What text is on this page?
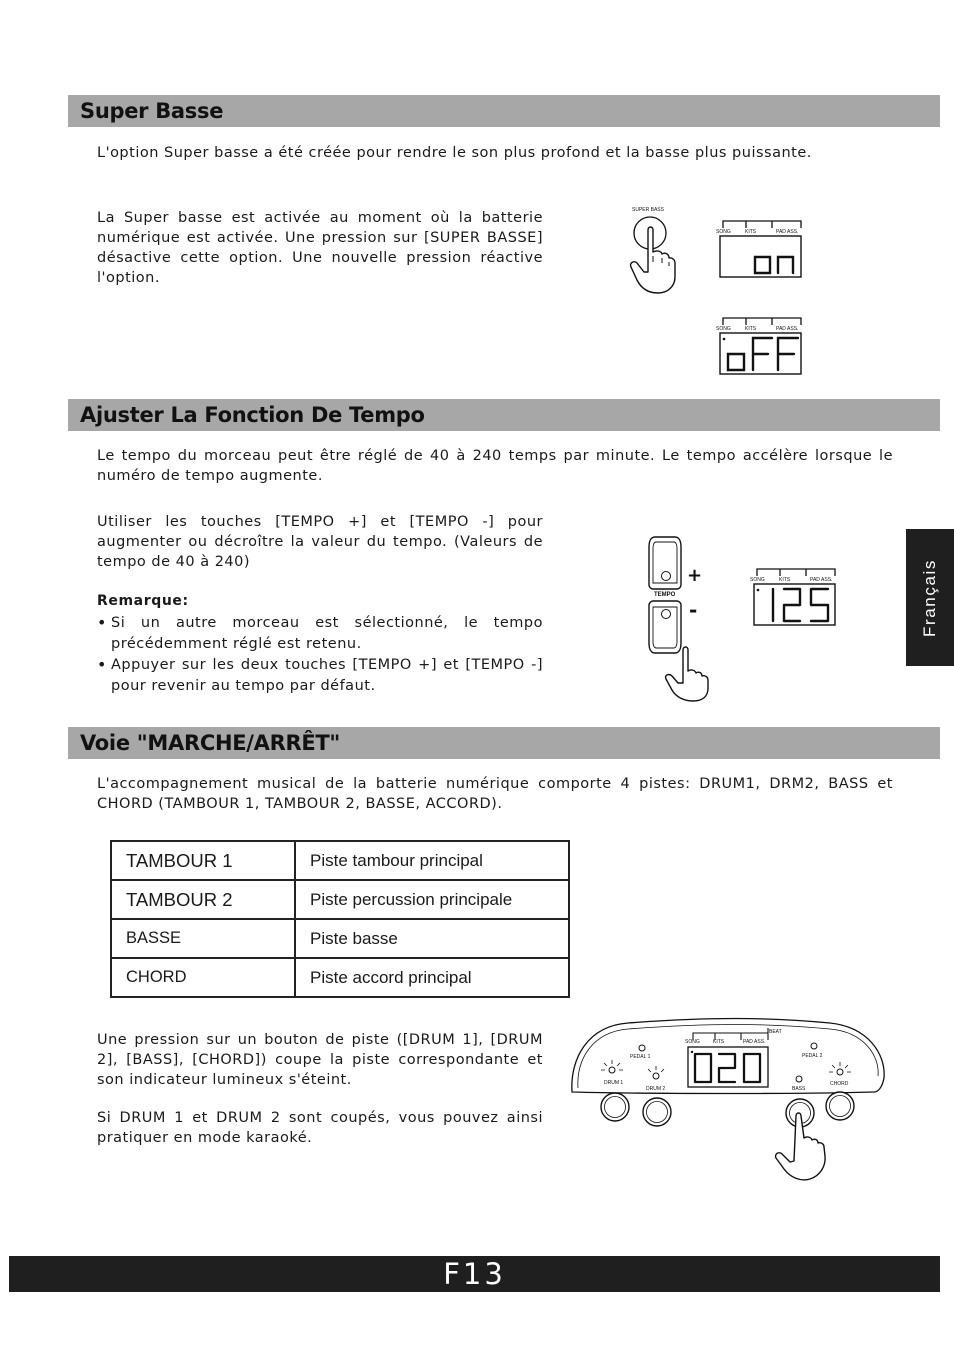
Super Basse

L'option Super basse a été créée pour rendre le son plus profond et la basse plus puissante.

La Super basse est activée au moment où la batterie numérique est activée. Une pression sur [SUPER BASSE] désactive cette option. Une nouvelle pression réactive l'option.

SUPER BASS
SONG	KITS	PAD ASS.
SONG	KITS	PAD ASS.
Ajuster La Fonction De Tempo

Le tempo du morceau peut être réglé de 40 à 240 temps par minute. Le tempo accélère lorsque le numéro de tempo augmente.

Utiliser les touches [TEMPO +] et [TEMPO -] pour augmenter ou décroître la valeur du tempo. (Valeurs de tempo de 40 à 240)

Remarque:

• Si un autre morceau est sélectionné, le tempo précédemment réglé est retenu.
• Appuyer sur les deux touches [TEMPO +] et [TEMPO -] pour revenir au tempo par défaut.
TEMPO
+
-
SONG	KITS	PAD ASS.
Voie "MARCHE/ARRÊT"

L'accompagnement musical de la batterie numérique comporte 4 pistes: DRUM1, DRM2, BASS et CHORD (TAMBOUR 1, TAMBOUR 2, BASSE, ACCORD).

TAMBOUR 1	Piste tambour principal
TAMBOUR 2	Piste percussion principale
BASSE	Piste basse
CHORD	Piste accord principal

Une pression sur un bouton de piste ([DRUM 1], [DRUM 2], [BASS], [CHORD]) coupe la piste correspondante et son indicateur lumineux s'éteint.

Si DRUM 1 et DRUM 2 sont coupés, vous pouvez ainsi pratiquer en mode karaoké.

BEAT
SONG	KITS	PAD ASS.
PEDAL 1	PEDAL 2
DRUM 1
DRUM 2	BASS
CHORD
Français
F13
